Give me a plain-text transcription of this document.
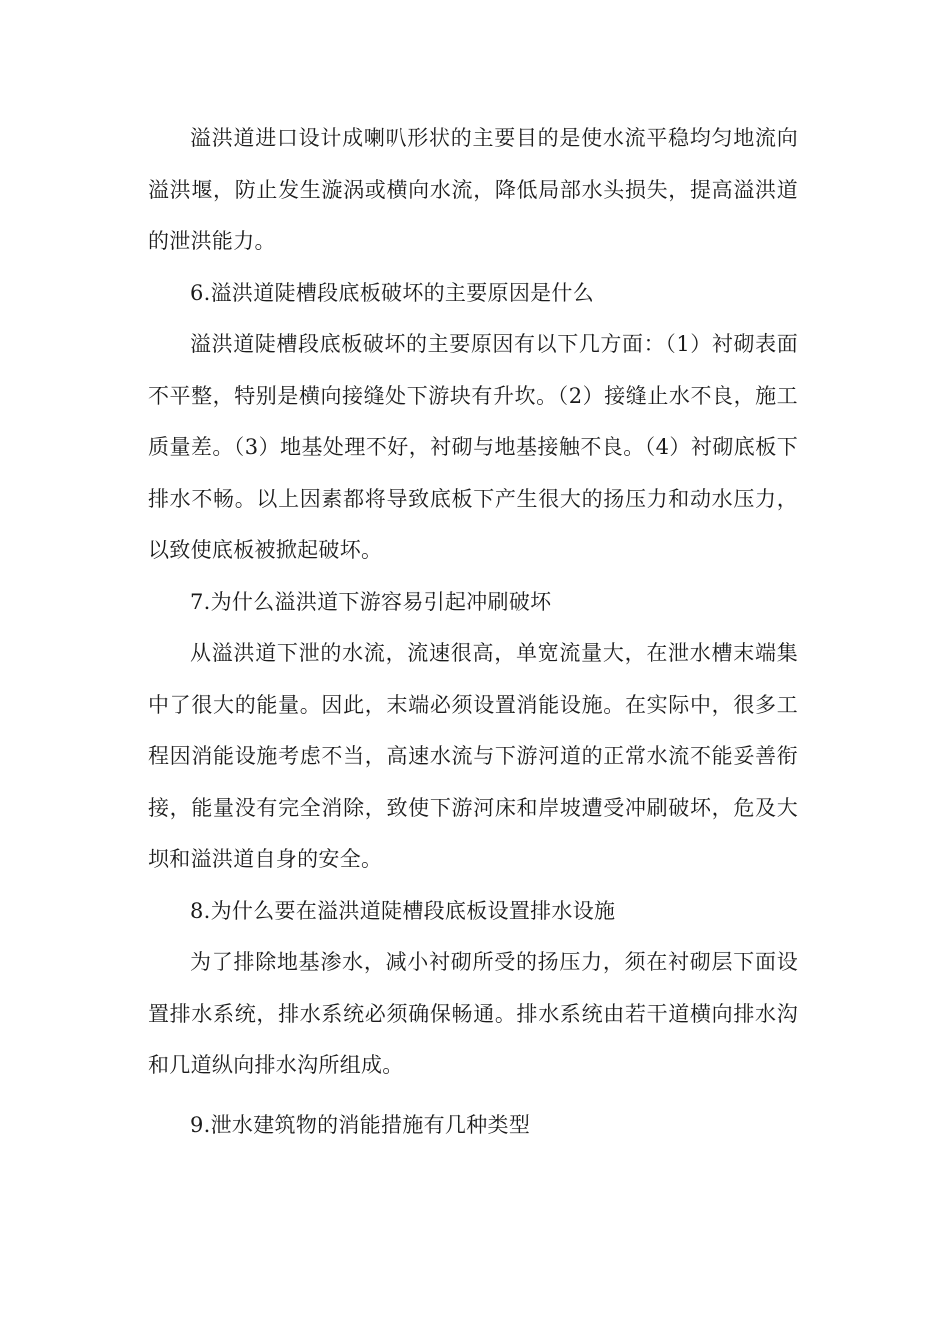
溢洪道进口设计成喇叭形状的主要目的是使水流平稳均匀地流向溢洪堰，防止发生漩涡或横向水流，降低局部水头损失，提高溢洪道的泄洪能力。

6.溢洪道陡槽段底板破坏的主要原因是什么

溢洪道陡槽段底板破坏的主要原因有以下几方面：（1）衬砌表面不平整，特别是横向接缝处下游块有升坎。（2）接缝止水不良，施工质量差。（3）地基处理不好，衬砌与地基接触不良。（4）衬砌底板下排水不畅。以上因素都将导致底板下产生很大的扬压力和动水压力，以致使底板被掀起破坏。

7.为什么溢洪道下游容易引起冲刷破坏

从溢洪道下泄的水流，流速很高，单宽流量大，在泄水槽末端集中了很大的能量。因此，末端必须设置消能设施。在实际中，很多工程因消能设施考虑不当，高速水流与下游河道的正常水流不能妥善衔接，能量没有完全消除，致使下游河床和岸坡遭受冲刷破坏，危及大坝和溢洪道自身的安全。

8.为什么要在溢洪道陡槽段底板设置排水设施

为了排除地基渗水，减小衬砌所受的扬压力，须在衬砌层下面设置排水系统，排水系统必须确保畅通。排水系统由若干道横向排水沟和几道纵向排水沟所组成。

9.泄水建筑物的消能措施有几种类型
